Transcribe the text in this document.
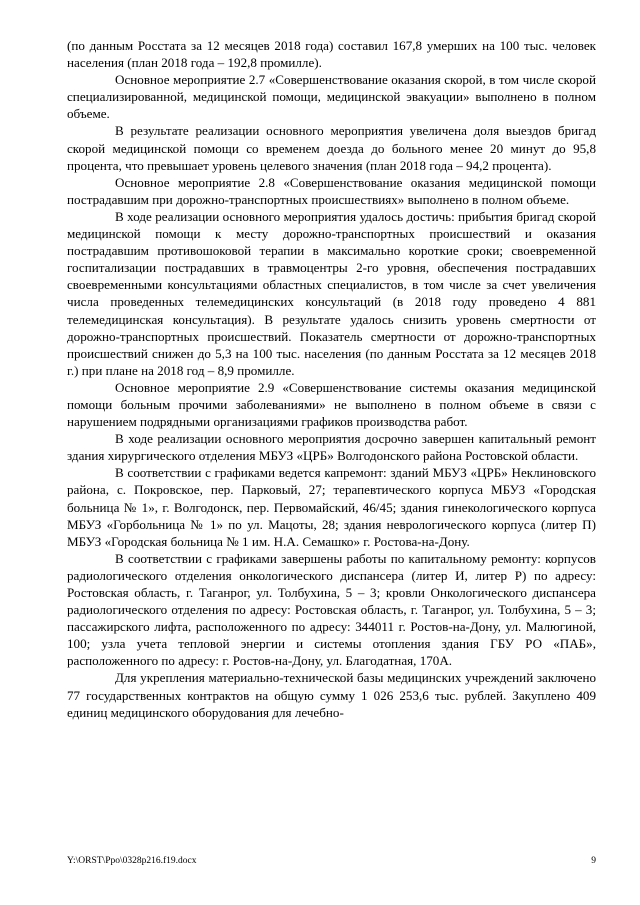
(по данным Росстата за 12 месяцев 2018 года) составил 167,8 умерших на 100 тыс. человек населения (план 2018 года – 192,8 промилле).

Основное мероприятие 2.7 «Совершенствование оказания скорой, в том числе скорой специализированной, медицинской помощи, медицинской эвакуации» выполнено в полном объеме.

В результате реализации основного мероприятия увеличена доля выездов бригад скорой медицинской помощи со временем доезда до больного менее 20 минут до 95,8 процента, что превышает уровень целевого значения (план 2018 года – 94,2 процента).

Основное мероприятие 2.8 «Совершенствование оказания медицинской помощи пострадавшим при дорожно-транспортных происшествиях» выполнено в полном объеме.

В ходе реализации основного мероприятия удалось достичь: прибытия бригад скорой медицинской помощи к месту дорожно-транспортных происшествий и оказания пострадавшим противошоковой терапии в максимально короткие сроки; своевременной госпитализации пострадавших в травмоцентры 2-го уровня, обеспечения пострадавших своевременными консультациями областных специалистов, в том числе за счет увеличения числа проведенных телемедицинских консультаций (в 2018 году проведено 4 881 телемедицинская консультация). В результате удалось снизить уровень смертности от дорожно-транспортных происшествий. Показатель смертности от дорожно-транспортных происшествий снижен до 5,3 на 100 тыс. населения (по данным Росстата за 12 месяцев 2018 г.) при плане на 2018 год – 8,9 промилле.

Основное мероприятие 2.9 «Совершенствование системы оказания медицинской помощи больным прочими заболеваниями» не выполнено в полном объеме в связи с нарушением подрядными организациями графиков производства работ.

В ходе реализации основного мероприятия досрочно завершен капитальный ремонт здания хирургического отделения МБУЗ «ЦРБ» Волгодонского района Ростовской области.

В соответствии с графиками ведется капремонт: зданий МБУЗ «ЦРБ» Неклиновского района, с. Покровское, пер. Парковый, 27; терапевтического корпуса МБУЗ «Городская больница № 1», г. Волгодонск, пер. Первомайский, 46/45; здания гинекологического корпуса МБУЗ «Горбольница № 1» по ул. Мацоты, 28; здания неврологического корпуса (литер П) МБУЗ «Городская больница № 1 им. Н.А. Семашко» г. Ростова-на-Дону.

В соответствии с графиками завершены работы по капитальному ремонту: корпусов радиологического отделения онкологического диспансера (литер И, литер Р) по адресу: Ростовская область, г. Таганрог, ул. Толбухина, 5 – 3; кровли Онкологического диспансера радиологического отделения по адресу: Ростовская область, г. Таганрог, ул. Толбухина, 5 – 3; пассажирского лифта, расположенного по адресу: 344011 г. Ростов-на-Дону, ул. Малюгиной, 100; узла учета тепловой энергии и системы отопления здания ГБУ РО «ПАБ», расположенного по адресу: г. Ростов-на-Дону, ул. Благодатная, 170А.

Для укрепления материально-технической базы медицинских учреждений заключено 77 государственных контрактов на общую сумму 1 026 253,6 тыс. рублей. Закуплено 409 единиц медицинского оборудования для лечебно-

Y:\ORST\Ppo\0328p216.f19.docx	9
